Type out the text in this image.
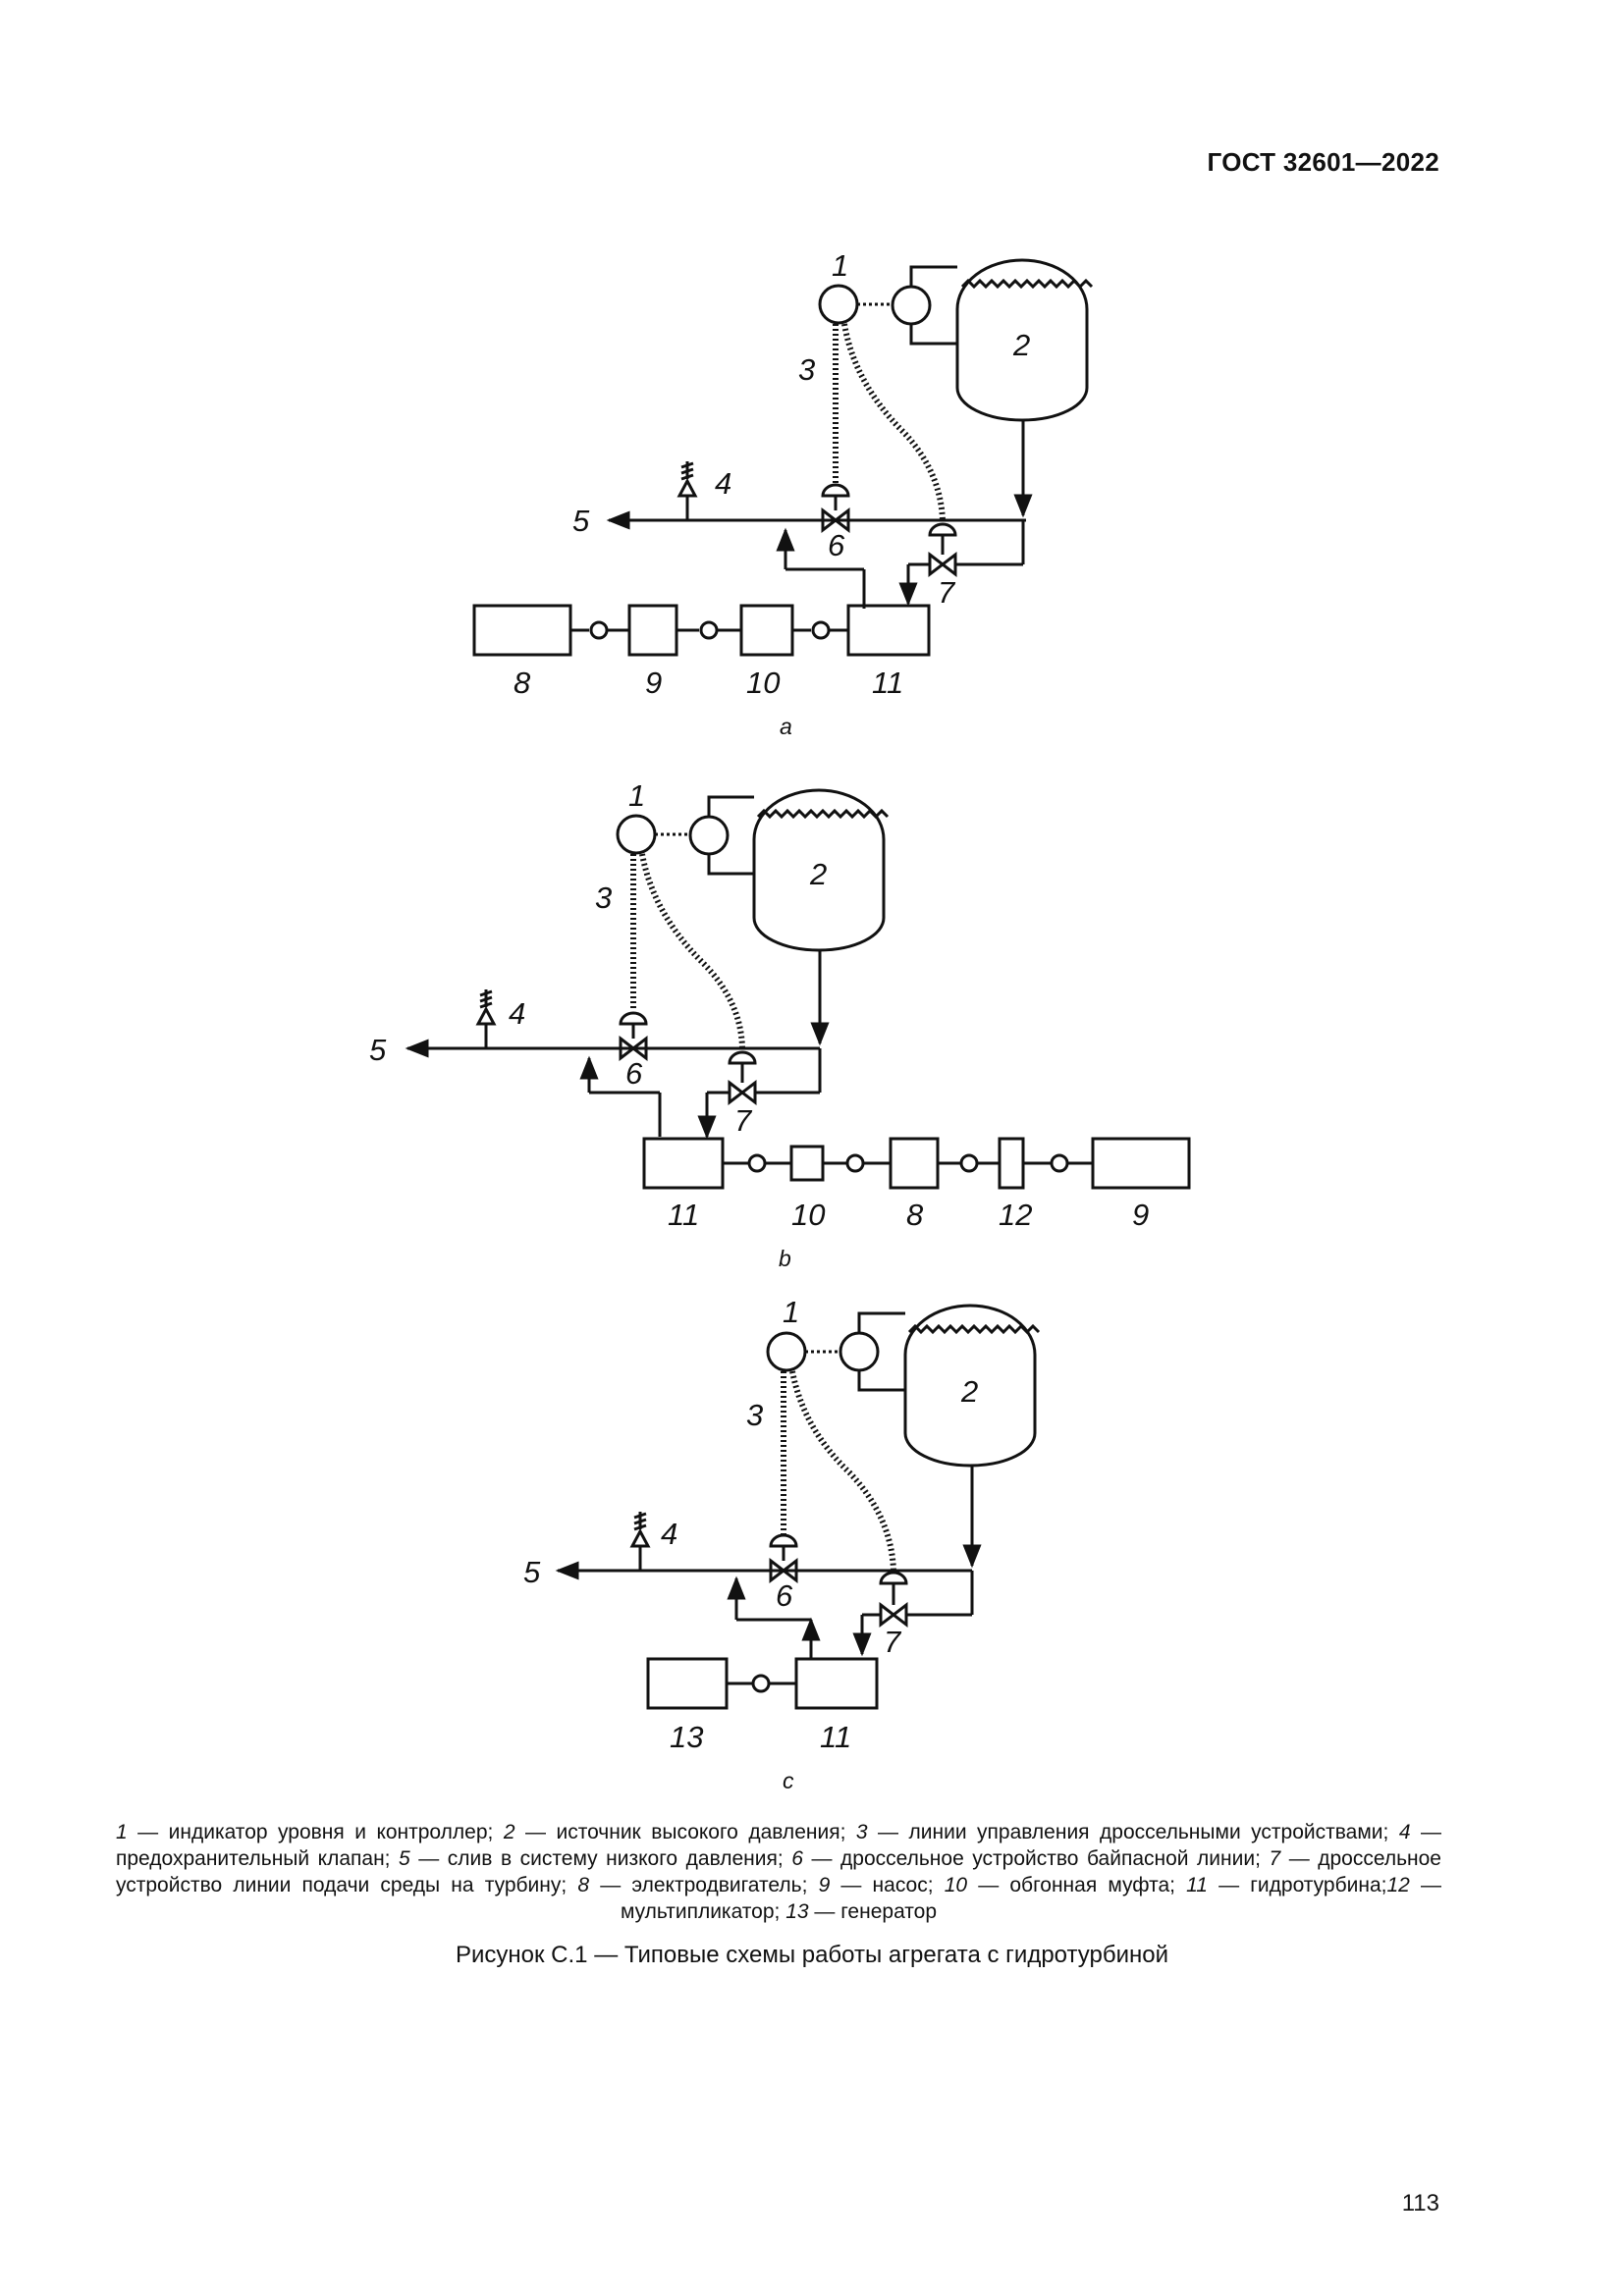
ГОСТ 32601—2022
1
2
3
4
5
6
7
8	9	10	11
a
1
2
3
4
5
6
7
11	10	8 12	9
b
1
2
3
4
5
6
7
13	11
c
1 — индикатор уровня и контроллер; 2 — источник высокого давления; 3 — линии управления дроссельными устройствами; 4 — предохранительный клапан; 5 — слив в систему низкого давления; 6 — дроссельное устройство байпасной линии; 7 — дроссельное устройство линии подачи среды на турбину; 8 — электродвигатель; 9 — насос; 10 — обгонная муфта; 11 — гидротурбина;12 — мультипликатор; 13 — генератор
Рисунок С.1 — Типовые схемы работы агрегата с гидротурбиной
113
